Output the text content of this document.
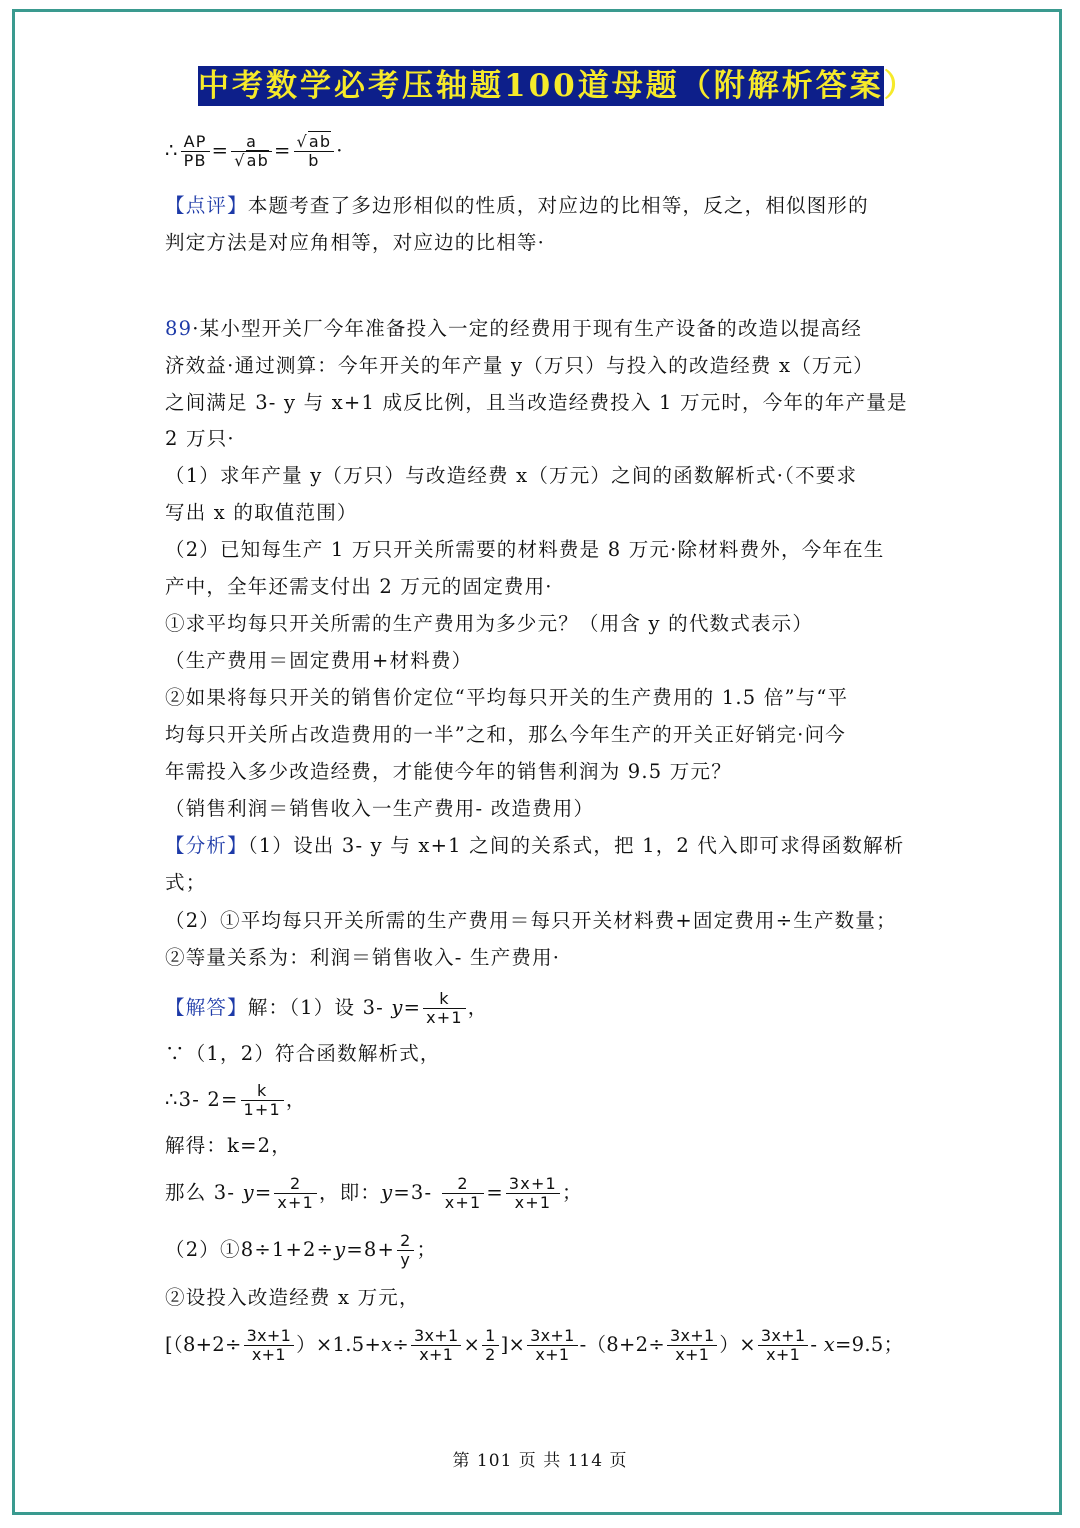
中考数学必考压轴题100道母题（附解析答案）
∴ $\frac{AP}{PB} = \frac{a}{√ab} = \frac{√ab}{b}$ ·
【点评】本题考查了多边形相似的性质，对应边的比相等，反之，相似图形的
判定方法是对应角相等，对应边的比相等·
89·某小型开关厂今年准备投入一定的经费用于现有生产设备的改造以提高经
济效益·通过测算：今年开关的年产量 y（万只）与投入的改造经费 x（万元）
之间满足 3- y 与 x+1 成反比例，且当改造经费投入 1 万元时，今年的年产量是
2 万只·
（1）求年产量 y（万只）与改造经费 x（万元）之间的函数解析式·（不要求
写出 x 的取值范围）
（2）已知每生产 1 万只开关所需要的材料费是 8 万元·除材料费外，今年在生
产中，全年还需支付出 2 万元的固定费用·
①求平均每只开关所需的生产费用为多少元？（用含 y 的代数式表示）
（生产费用＝固定费用+材料费）
②如果将每只开关的销售价定位“平均每只开关的生产费用的 1.5 倍”与“平
均每只开关所占改造费用的一半”之和，那么今年生产的开关正好销完·问今
年需投入多少改造经费，才能使今年的销售利润为 9.5 万元？
（销售利润＝销售收入一生产费用- 改造费用）
【分析】（1）设出 3- y 与 x+1 之间的关系式，把 1，2 代入即可求得函数解析
式；
（2）①平均每只开关所需的生产费用＝每只开关材料费+固定费用÷生产数量；
②等量关系为：利润＝销售收入- 生产费用·
【解答】解：（1）设 3- $y= \frac{k}{x+1}$ ，
∵（1，2）符合函数解析式，
∴3- $2= \frac{k}{1+1}$ ，
解得：k=2，
那么 3- $y= \frac{2}{x+1}$ ，即：$y=3- \frac{2}{x+1} = \frac{3x+1}{x+1}$ ；
（2）①8÷1+2÷y=8+ $\frac{2}{y}$ ；
②设投入改造经费 x 万元，
[$(8+2\div \frac{3x+1}{x+1} )\times 1.5+x\div \frac{3x+1}{x+1} \times \frac{1}{2}$ ]× $\frac{3x+1}{x+1} -(8+2\div \frac{3x+1}{x+1}$ ）× $\frac{3x+1}{x+1} - x=9.5$；
第 101 页 共 114 页
